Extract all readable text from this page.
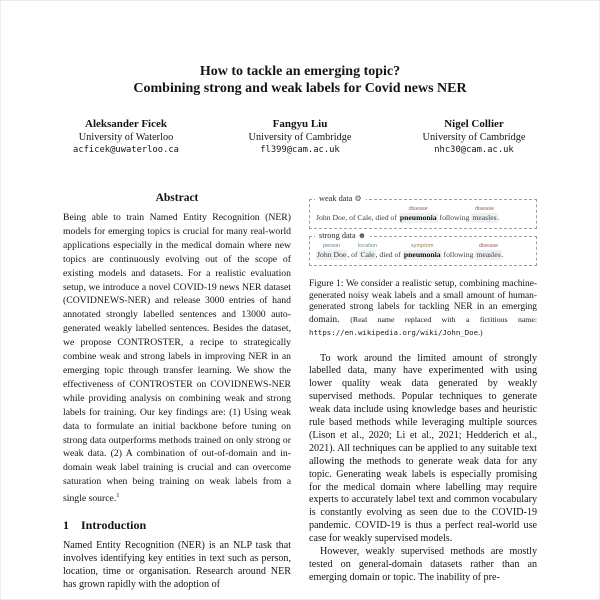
How to tackle an emerging topic?
Combining strong and weak labels for Covid news NER
Aleksander Ficek
University of Waterloo
acficek@uwaterloo.ca
Fangyu Liu
University of Cambridge
fl399@cam.ac.uk
Nigel Collier
University of Cambridge
nhc30@cam.ac.uk
Abstract
Being able to train Named Entity Recognition (NER) models for emerging topics is crucial for many real-world applications especially in the medical domain where new topics are continuously evolving out of the scope of existing models and datasets. For a realistic evaluation setup, we introduce a novel COVID-19 news NER dataset (COVIDNEWS-NER) and release 3000 entries of hand annotated strongly labelled sentences and 13000 auto-generated weakly labelled sentences. Besides the dataset, we propose CONTROSTER, a recipe to strategically combine weak and strong labels in improving NER in an emerging topic through transfer learning. We show the effectiveness of CONTROSTER on COVIDNEWS-NER while providing analysis on combining weak and strong labels for training. Our key findings are: (1) Using weak data to formulate an initial backbone before tuning on strong data outperforms methods trained on only strong or weak data. (2) A combination of out-of-domain and in-domain weak label training is crucial and can overcome saturation when being training on weak labels from a single source.$^1$
1 Introduction

Named Entity Recognition (NER) is an NLP task that involves identifying key entities in text such as person, location, time or organisation. Research around NER has grown rapidly with the adoption of

weak data ⚙
John Doe, of Cale, died of
disease
pneumonia following
disease
measles.
strong data ☻
person
John Doe, of
location
Cale, died of
symptom
pneumonia following
disease
measles.
Figure 1: We consider a realistic setup, combining machine-generated noisy weak labels and a small amount of human-generated strong labels for tackling NER in an emerging domain. (Real name replaced with a fictitious name: https://en.wikipedia.org/wiki/John_Doe.)

To work around the limited amount of strongly labelled data, many have experimented with using lower quality weak data generated by weakly supervised methods. Popular techniques to generate weak data include using knowledge bases and heuristic rule based methods while leveraging multiple sources (Lison et al., 2020; Li et al., 2021; Hedderich et al., 2021). All techniques can be applied to any suitable text allowing the methods to generate weak data for any topic. Generating weak labels is especially promising for the medical domain where labelling may require experts to accurately label text and common vocabulary is constantly evolving as seen due to the COVID-19 pandemic. COVID-19 is thus a perfect real-world use case for weakly supervised models.

However, weakly supervised methods are mostly tested on general-domain datasets rather than an emerging domain or topic. The inability of pre-
